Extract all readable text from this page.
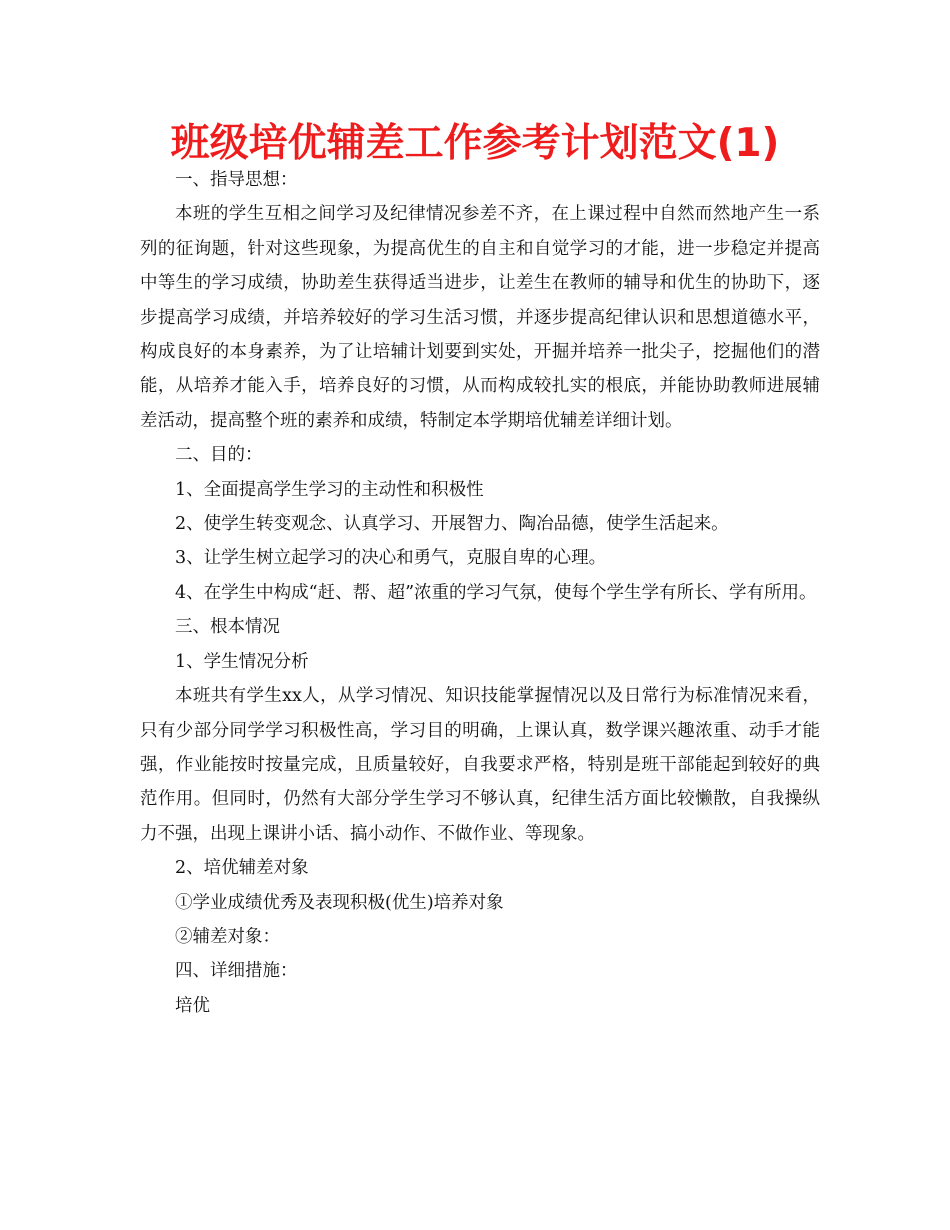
班级培优辅差工作参考计划范文(1)

一、指导思想：

本班的学生互相之间学习及纪律情况参差不齐，在上课过程中自然而然地产生一系列的征询题，针对这些现象，为提高优生的自主和自觉学习的才能，进一步稳定并提高中等生的学习成绩，协助差生获得适当进步，让差生在教师的辅导和优生的协助下，逐步提高学习成绩，并培养较好的学习生活习惯，并逐步提高纪律认识和思想道德水平，构成良好的本身素养，为了让培辅计划要到实处，开掘并培养一批尖子，挖掘他们的潜能，从培养才能入手，培养良好的习惯，从而构成较扎实的根底，并能协助教师进展辅差活动，提高整个班的素养和成绩，特制定本学期培优辅差详细计划。

二、目的：

1、全面提高学生学习的主动性和积极性

2、使学生转变观念、认真学习、开展智力、陶冶品德，使学生活起来。

3、让学生树立起学习的决心和勇气，克服自卑的心理。

4、在学生中构成“赶、帮、超”浓重的学习气氛，使每个学生学有所长、学有所用。

三、根本情况

1、学生情况分析

本班共有学生xx人，从学习情况、知识技能掌握情况以及日常行为标准情况来看，只有少部分同学学习积极性高，学习目的明确，上课认真，数学课兴趣浓重、动手才能强，作业能按时按量完成，且质量较好，自我要求严格，特别是班干部能起到较好的典范作用。但同时，仍然有大部分学生学习不够认真，纪律生活方面比较懒散，自我操纵力不强，出现上课讲小话、搞小动作、不做作业、等现象。

2、培优辅差对象

①学业成绩优秀及表现积极(优生)培养对象

②辅差对象：

四、详细措施：

培优
